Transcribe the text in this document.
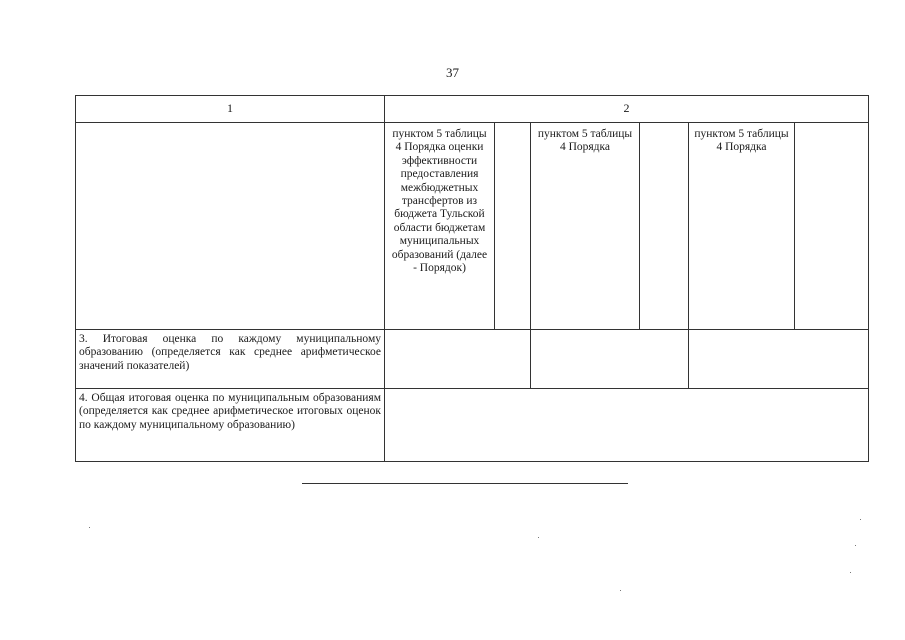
37
1	2					
	пунктом 5 таблицы 4 Порядка оценки эффективности предоставления межбюджетных трансфертов из бюджета Тульской области бюджетам муниципальных образований (далее - Порядок)		пунктом 5 таблицы 4 Порядка		пунктом 5 таблицы 4 Порядка	
3. Итоговая оценка по каждому муниципальному образованию (определяется как среднее арифметическое значений показателей)						
4. Общая итоговая оценка по муниципальным образованиям (определяется как среднее арифметическое итоговых оценок по каждому муниципальному образованию)						
